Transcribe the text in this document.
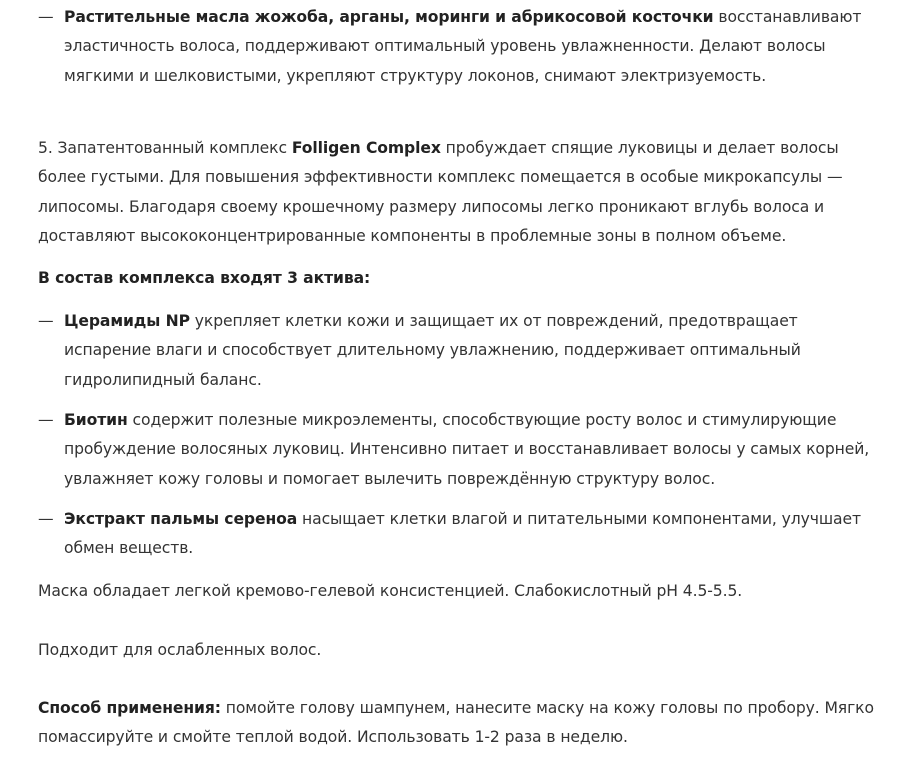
— Растительные масла жожоба, арганы, моринги и абрикосовой косточки восстанавливают эластичность волоса, поддерживают оптимальный уровень увлажненности. Делают волосы мягкими и шелковистыми, укрепляют структуру локонов, снимают электризуемость.

5. Запатентованный комплекс Folligen Complex пробуждает спящие луковицы и делает волосы более густыми. Для повышения эффективности комплекс помещается в особые микрокапсулы — липосомы. Благодаря своему крошечному размеру липосомы легко проникают вглубь волоса и доставляют высококонцентрированные компоненты в проблемные зоны в полном объеме.

В состав комплекса входят 3 актива:

— Церамиды NP укрепляет клетки кожи и защищает их от повреждений, предотвращает испарение влаги и способствует длительному увлажнению, поддерживает оптимальный гидролипидный баланс.

— Биотин содержит полезные микроэлементы, способствующие росту волос и стимулирующие пробуждение волосяных луковиц. Интенсивно питает и восстанавливает волосы у самых корней, увлажняет кожу головы и помогает вылечить повреждённую структуру волос.

— Экстракт пальмы сереноа насыщает клетки влагой и питательными компонентами, улучшает обмен веществ.

Маска обладает легкой кремово-гелевой консистенцией. Слабокислотный pH 4.5-5.5.

Подходит для ослабленных волос.

Способ применения: помойте голову шампунем, нанесите маску на кожу головы по пробору. Мягко помассируйте и смойте теплой водой. Использовать 1-2 раза в неделю.
